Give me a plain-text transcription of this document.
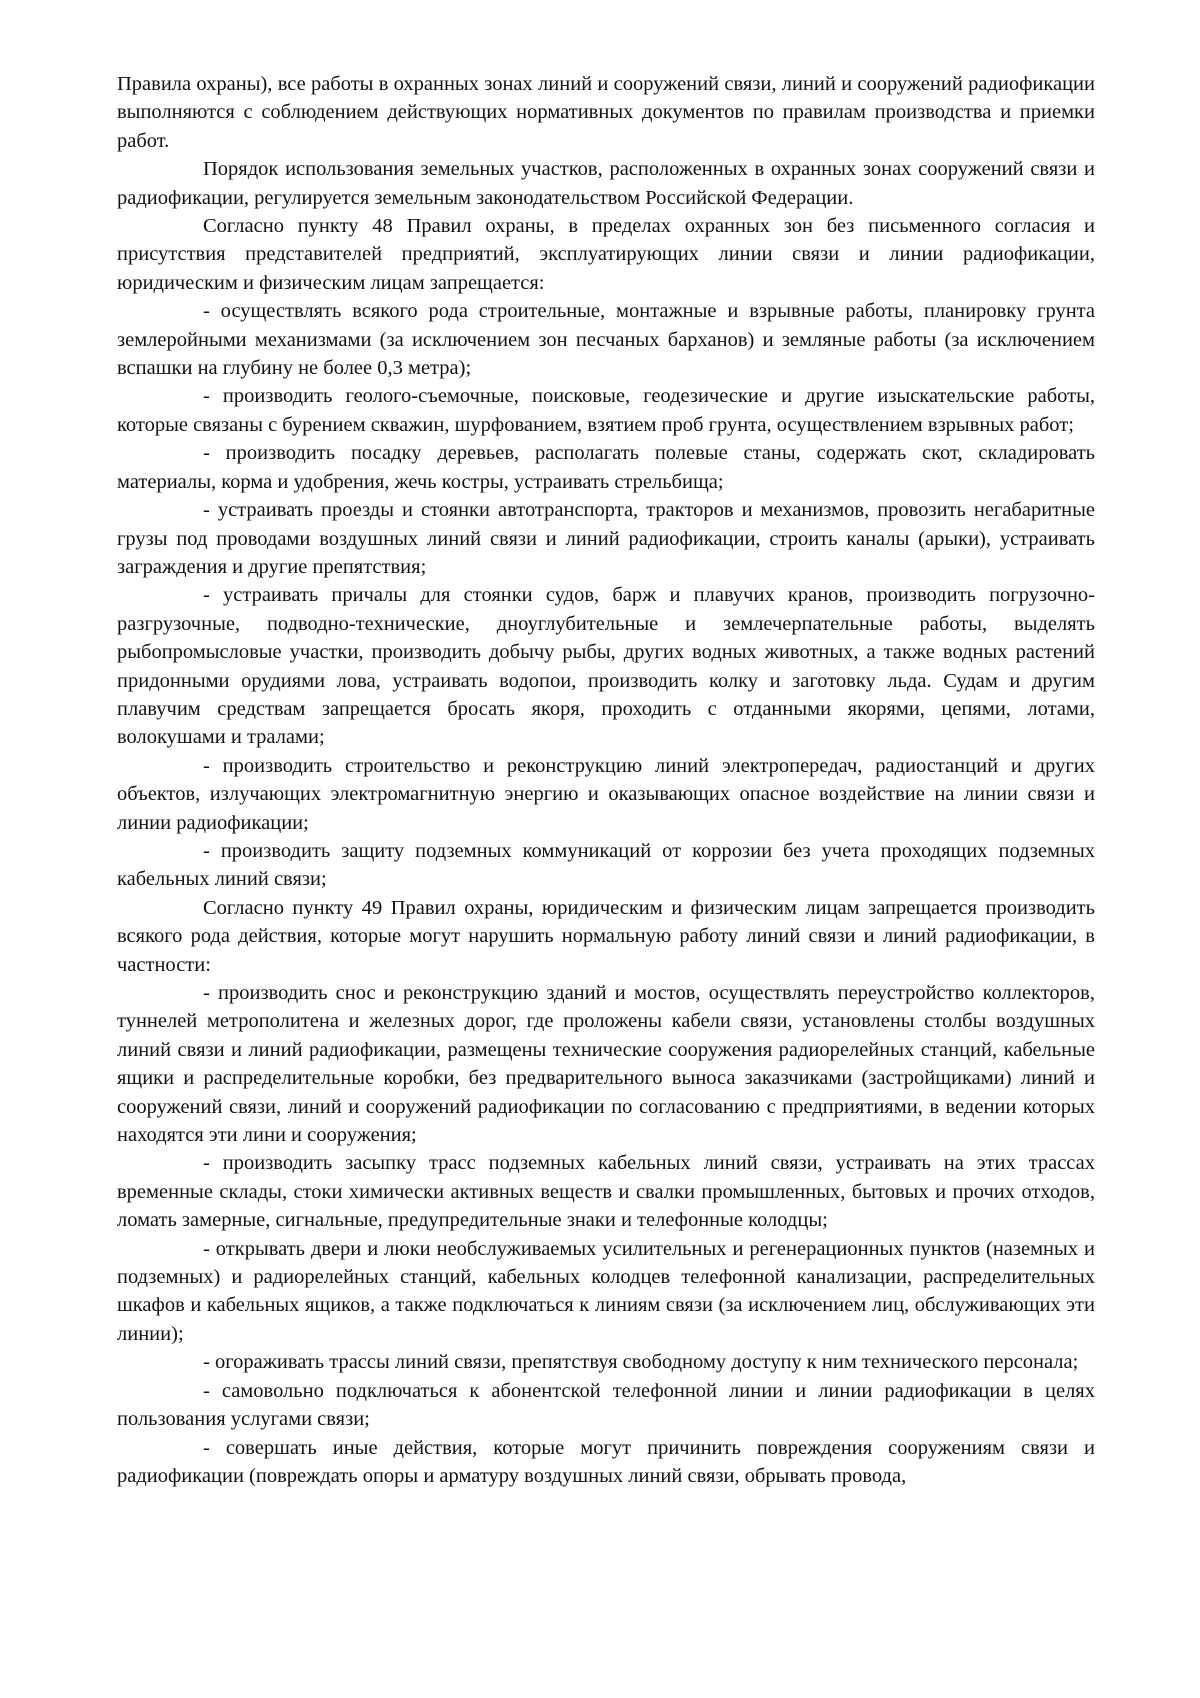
Правила охраны), все работы в охранных зонах линий и сооружений связи, линий и сооружений радиофикации выполняются с соблюдением действующих нормативных документов по правилам производства и приемки работ.

Порядок использования земельных участков, расположенных в охранных зонах сооружений связи и радиофикации, регулируется земельным законодательством Российской Федерации.

Согласно пункту 48 Правил охраны, в пределах охранных зон без письменного согласия и присутствия представителей предприятий, эксплуатирующих линии связи и линии радиофикации, юридическим и физическим лицам запрещается:

- осуществлять всякого рода строительные, монтажные и взрывные работы, планировку грунта землеройными механизмами (за исключением зон песчаных барханов) и земляные работы (за исключением вспашки на глубину не более 0,3 метра);

- производить геолого-съемочные, поисковые, геодезические и другие изыскательские работы, которые связаны с бурением скважин, шурфованием, взятием проб грунта, осуществлением взрывных работ;

- производить посадку деревьев, располагать полевые станы, содержать скот, складировать материалы, корма и удобрения, жечь костры, устраивать стрельбища;

- устраивать проезды и стоянки автотранспорта, тракторов и механизмов, провозить негабаритные грузы под проводами воздушных линий связи и линий радиофикации, строить каналы (арыки), устраивать заграждения и другие препятствия;

- устраивать причалы для стоянки судов, барж и плавучих кранов, производить погрузочно-разгрузочные, подводно-технические, дноуглубительные и землечерпательные работы, выделять рыбопромысловые участки, производить добычу рыбы, других водных животных, а также водных растений придонными орудиями лова, устраивать водопои, производить колку и заготовку льда. Судам и другим плавучим средствам запрещается бросать якоря, проходить с отданными якорями, цепями, лотами, волокушами и тралами;

- производить строительство и реконструкцию линий электропередач, радиостанций и других объектов, излучающих электромагнитную энергию и оказывающих опасное воздействие на линии связи и линии радиофикации;

- производить защиту подземных коммуникаций от коррозии без учета проходящих подземных кабельных линий связи;

Согласно пункту 49 Правил охраны, юридическим и физическим лицам запрещается производить всякого рода действия, которые могут нарушить нормальную работу линий связи и линий радиофикации, в частности:

- производить снос и реконструкцию зданий и мостов, осуществлять переустройство коллекторов, туннелей метрополитена и железных дорог, где проложены кабели связи, установлены столбы воздушных линий связи и линий радиофикации, размещены технические сооружения радиорелейных станций, кабельные ящики и распределительные коробки, без предварительного выноса заказчиками (застройщиками) линий и сооружений связи, линий и сооружений радиофикации по согласованию с предприятиями, в ведении которых находятся эти лини и сооружения;

- производить засыпку трасс подземных кабельных линий связи, устраивать на этих трассах временные склады, стоки химически активных веществ и свалки промышленных, бытовых и прочих отходов, ломать замерные, сигнальные, предупредительные знаки и телефонные колодцы;

- открывать двери и люки необслуживаемых усилительных и регенерационных пунктов (наземных и подземных) и радиорелейных станций, кабельных колодцев телефонной канализации, распределительных шкафов и кабельных ящиков, а также подключаться к линиям связи (за исключением лиц, обслуживающих эти линии);

- огораживать трассы линий связи, препятствуя свободному доступу к ним технического персонала;

- самовольно подключаться к абонентской телефонной линии и линии радиофикации в целях пользования услугами связи;

- совершать иные действия, которые могут причинить повреждения сооружениям связи и радиофикации (повреждать опоры и арматуру воздушных линий связи, обрывать провода,
